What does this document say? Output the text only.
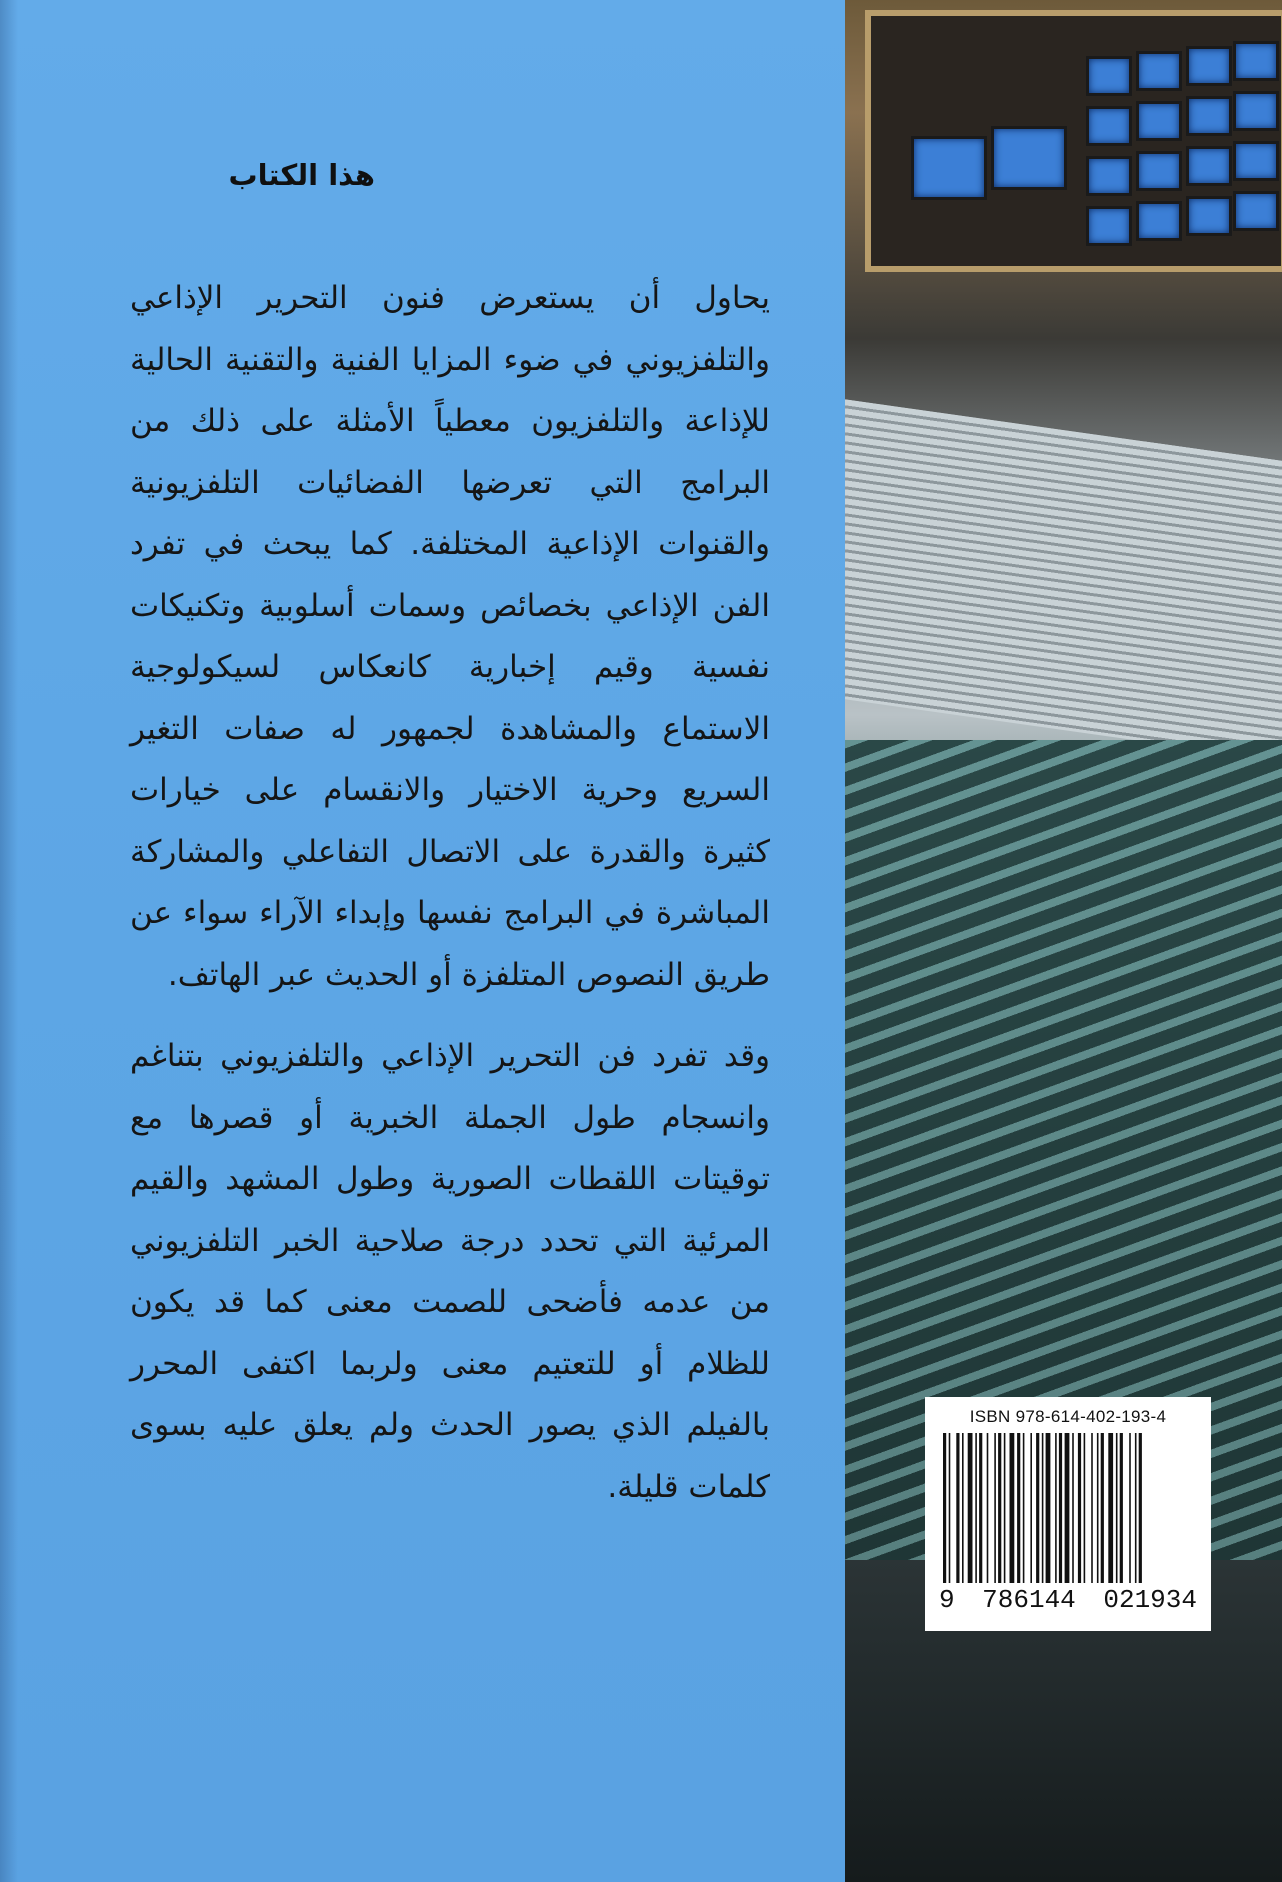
هذا الكتاب

يحاول أن يستعرض فنون التحرير الإذاعي والتلفزيوني في ضوء المزايا الفنية والتقنية الحالية للإذاعة والتلفزيون معطياً الأمثلة على ذلك من البرامج التي تعرضها الفضائيات التلفزيونية والقنوات الإذاعية المختلفة. كما يبحث في تفرد الفن الإذاعي بخصائص وسمات أسلوبية وتكنيكات نفسية وقيم إخبارية كانعكاس لسيكولوجية الاستماع والمشاهدة لجمهور له صفات التغير السريع وحرية الاختيار والانقسام على خيارات كثيرة والقدرة على الاتصال التفاعلي والمشاركة المباشرة في البرامج نفسها وإبداء الآراء سواء عن طريق النصوص المتلفزة أو الحديث عبر الهاتف.

وقد تفرد فن التحرير الإذاعي والتلفزيوني بتناغم وانسجام طول الجملة الخبرية أو قصرها مع توقيتات اللقطات الصورية وطول المشهد والقيم المرئية التي تحدد درجة صلاحية الخبر التلفزيوني من عدمه فأضحى للصمت معنى كما قد يكون للظلام أو للتعتيم معنى ولربما اكتفى المحرر بالفيلم الذي يصور الحدث ولم يعلق عليه بسوى كلمات قليلة.

ISBN 978-614-402-193-4

9 786144 021934
